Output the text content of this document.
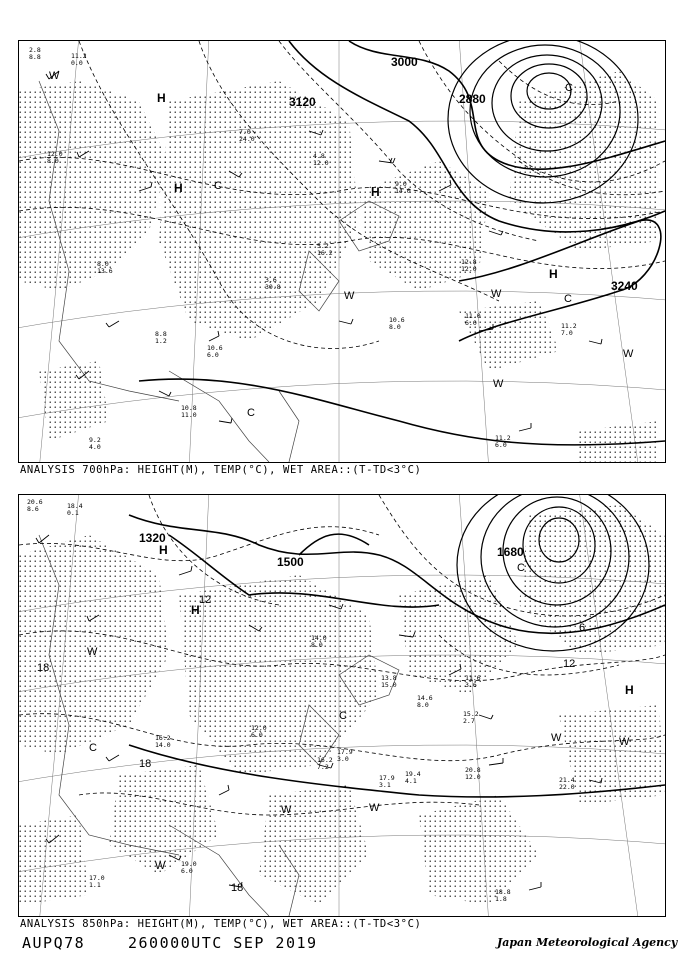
3000
3120	2880
3240
H
H	H
H
C
C
C
C
W
W	W
W
W
2.8
8.8	11.2
0.0
12.0
8.0
8.0
13.6
7.0
24.0
4.8
12.0
3.6
30.8
5.2
16.2
9.0
14.0
11.0
6.0
10.8
11.0
11.2
6.0
11.2
7.0
12.8
12.0
10.6
8.0
9.2
4.0
8.8
1.2
10.6
6.0
ANALYSIS 700hPa: HEIGHT(M), TEMP(°C), WET AREA::(T-TD<3°C)
1500
1680
1320
12
18
18
18
6
12
H
H
H
C
C
C
W
W
W	W
W
W
20.6
8.6	18.4
0.1
16.2
14.0
14.0
8.0
13.8
15.0
17.9
3.0
20.8
12.0	21.4
22.0
19.0
6.0
18.8
1.8
17.9
3.1
16.2
7.2
12.0
6.0
11.6
3.6
15.2
2.7
17.0
1.1
14.6
8.0
19.4
4.1
ANALYSIS 850hPa: HEIGHT(M), TEMP(°C), WET AREA::(T-TD<3°C)
AUPQ78	260000UTC SEP 2019	Japan Meteorological Agency
